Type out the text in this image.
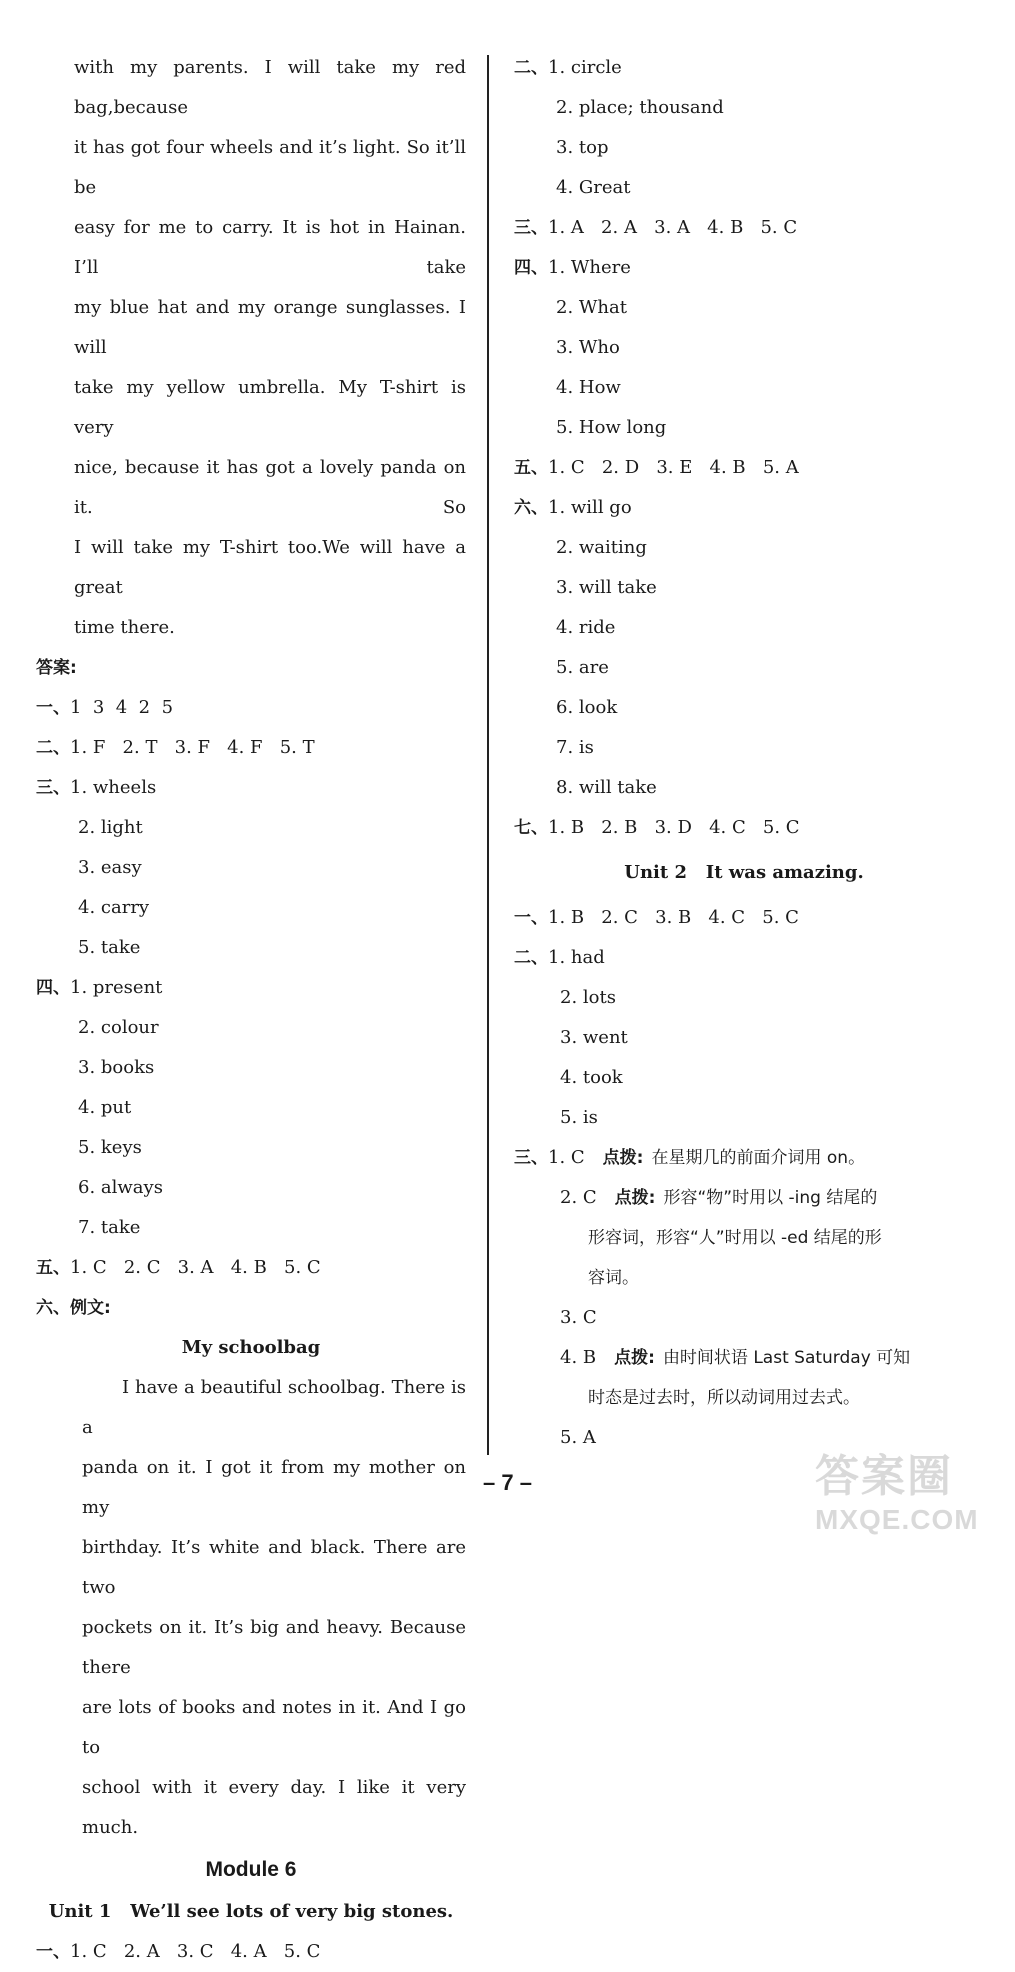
with my parents. I will take my red bag,because
it has got four wheels and it’s light. So it’ll be
easy for me to carry. It is hot in Hainan. I’ll take
my blue hat and my orange sunglasses. I will
take my yellow umbrella. My T-shirt is very
nice, because it has got a lovely panda on it. So
I will take my T-shirt too.We will have a great
time there.
答案:
一、1  3  4  2  5
二、1. F   2. T   3. F   4. F   5. T
三、1. wheels
2. light
3. easy
4. carry
5. take
四、1. present
2. colour
3. books
4. put
5. keys
6. always
7. take
五、1. C   2. C   3. A   4. B   5. C
六、例文:
My schoolbag
I have a beautiful schoolbag. There is a
panda on it. I got it from my mother on my
birthday. It’s white and black. There are two
pockets on it. It’s big and heavy. Because there
are lots of books and notes in it. And I go to
school with it every day. I like it very much.
Module 6
Unit 1   We’ll see lots of very big stones.
一、1. C   2. A   3. C   4. A   5. C
二、1. circle
2. place; thousand
3. top
4. Great
三、1. A   2. A   3. A   4. B   5. C
四、1. Where
2. What
3. Who
4. How
5. How long
五、1. C   2. D   3. E   4. B   5. A
六、1. will go
2. waiting
3. will take
4. ride
5. are
6. look
7. is
8. will take
七、1. B   2. B   3. D   4. C   5. C
Unit 2   It was amazing.
一、1. B   2. C   3. B   4. C   5. C
二、1. had
2. lots
3. went
4. took
5. is
三、1. C 点拨: 在星期几的前面介词用 on。
2. C 点拨: 形容“物”时用以 -ing 结尾的
形容词，形容“人”时用以 -ed 结尾的形
容词。
3. C
4. B 点拨: 由时间状语 Last Saturday 可知
时态是过去时，所以动词用过去式。
5. A
– 7 –	答案圈
MXQE.COM
